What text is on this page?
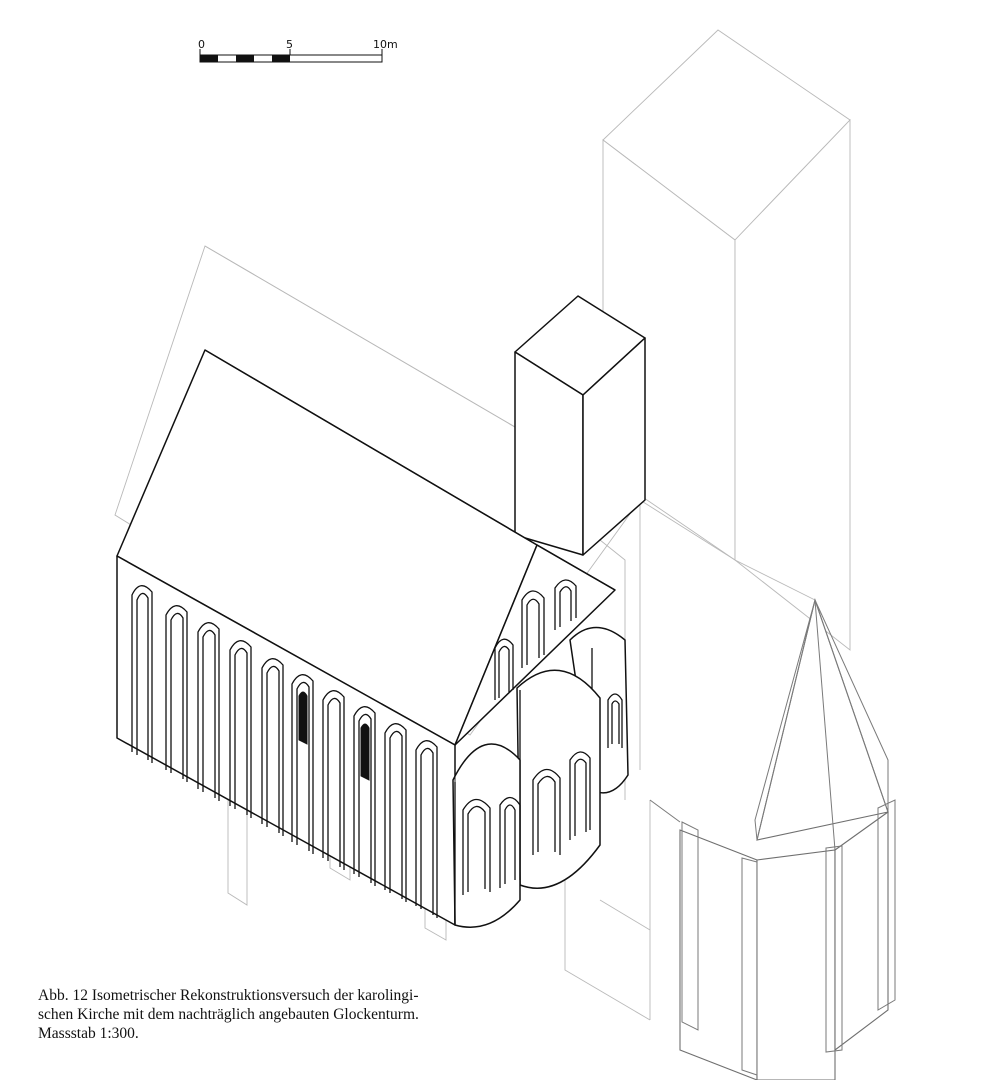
0	5	10m
Abb. 12 Isometrischer Rekonstruktionsversuch der karolingi-
schen Kirche mit dem nachträglich angebauten Glockenturm.
Massstab 1:300.
